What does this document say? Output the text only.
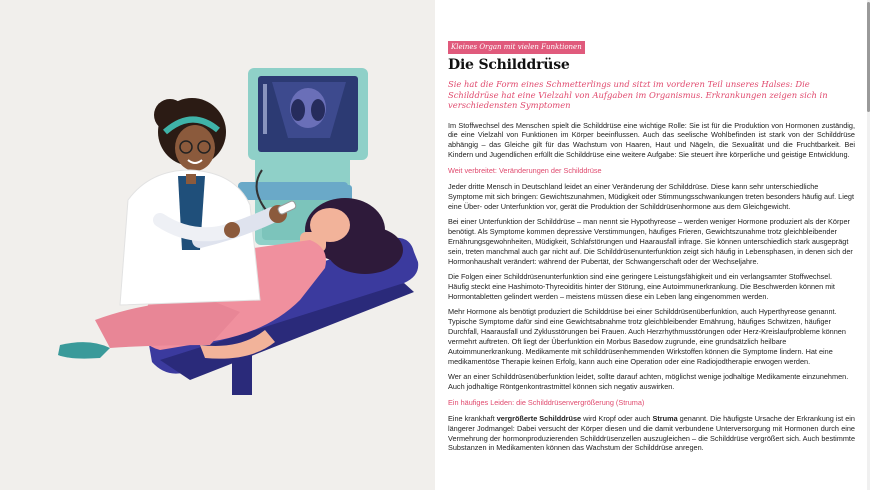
Kleines Organ mit vielen Funktionen
Die Schilddrüse
Sie hat die Form eines Schmetterlings und sitzt im vorderen Teil unseres Halses: Die Schilddrüse hat eine Vielzahl von Aufgaben im Organismus. Erkrankungen zeigen sich in verschiedensten Symptomen

Im Stoffwechsel des Menschen spielt die Schilddrüse eine wichtige Rolle: Sie ist für die Produktion von Hormonen zuständig, die eine Vielzahl von Funktionen im Körper beeinflussen. Auch das seelische Wohlbefinden ist stark von der Schilddrüse abhängig – das Gleiche gilt für das Wachstum von Haaren, Haut und Nägeln, die Sexualität und die Fruchtbarkeit. Bei Kindern und Jugendlichen erfüllt die Schilddrüse eine weitere Aufgabe: Sie steuert ihre körperliche und geistige Entwicklung.

Weit verbreitet: Veränderungen der Schilddrüse

Jeder dritte Mensch in Deutschland leidet an einer Veränderung der Schilddrüse. Diese kann sehr unterschiedliche Symptome mit sich bringen: Gewichtszunahmen, Müdigkeit oder Stimmungsschwankungen treten besonders häufig auf. Liegt eine Über- oder Unterfunktion vor, gerät die Produktion der Schilddrüsenhormone aus dem Gleichgewicht.

Bei einer Unterfunktion der Schilddrüse – man nennt sie Hypothyreose – werden weniger Hormone produziert als der Körper benötigt. Als Symptome kommen depressive Verstimmungen, häufiges Frieren, Gewichtszunahme trotz gleichbleibender Ernährungsgewohnheiten, Müdigkeit, Schlafstörungen und Haarausfall infrage. Sie können unterschiedlich stark ausgeprägt sein, treten manchmal auch gar nicht auf. Die Schilddrüsenunterfunktion zeigt sich häufig in Lebensphasen, in denen sich der Hormonhaushalt verändert: während der Pubertät, der Schwangerschaft oder der Wechseljahre.

Die Folgen einer Schilddrüsenunterfunktion sind eine geringere Leistungsfähigkeit und ein verlangsamter Stoffwechsel. Häufig steckt eine Hashimoto-Thyreoiditis hinter der Störung, eine Autoimmunerkrankung. Die Beschwerden können mit Hormontabletten gelindert werden – meistens müssen diese ein Leben lang eingenommen werden.

Mehr Hormone als benötigt produziert die Schilddrüse bei einer Schilddrüsenüberfunktion, auch Hyperthyreose genannt. Typische Symptome dafür sind eine Gewichtsabnahme trotz gleichbleibender Ernährung, häufiges Schwitzen, häufiger Durchfall, Haarausfall und Zyklusstörungen bei Frauen. Auch Herzrhythmusstörungen oder Herz-Kreislaufprobleme können vermehrt auftreten. Oft liegt der Überfunktion ein Morbus Basedow zugrunde, eine grundsätzlich heilbare Autoimmunerkrankung. Medikamente mit schilddrüsenhemmenden Wirkstoffen können die Symptome lindern. Hat eine medikamentöse Therapie keinen Erfolg, kann auch eine Operation oder eine Radiojodtherapie erwogen werden.

Wer an einer Schilddrüsenüberfunktion leidet, sollte darauf achten, möglichst wenige jodhaltige Medikamente einzunehmen. Auch jodhaltige Röntgenkontrastmittel können sich negativ auswirken.

Ein häufiges Leiden: die Schilddrüsenvergrößerung (Struma)

Eine krankhaft vergrößerte Schilddrüse wird Kropf oder auch Struma genannt. Die häufigste Ursache der Erkrankung ist ein längerer Jodmangel: Dabei versucht der Körper diesen und die damit verbundene Unterversorgung mit Hormonen durch eine Vermehrung der hormonproduzierenden Schilddrüsenzellen auszugleichen – die Schilddrüse vergrößert sich. Auch bestimmte Substanzen in Medikamenten können das Wachstum der Schilddrüse anregen.
